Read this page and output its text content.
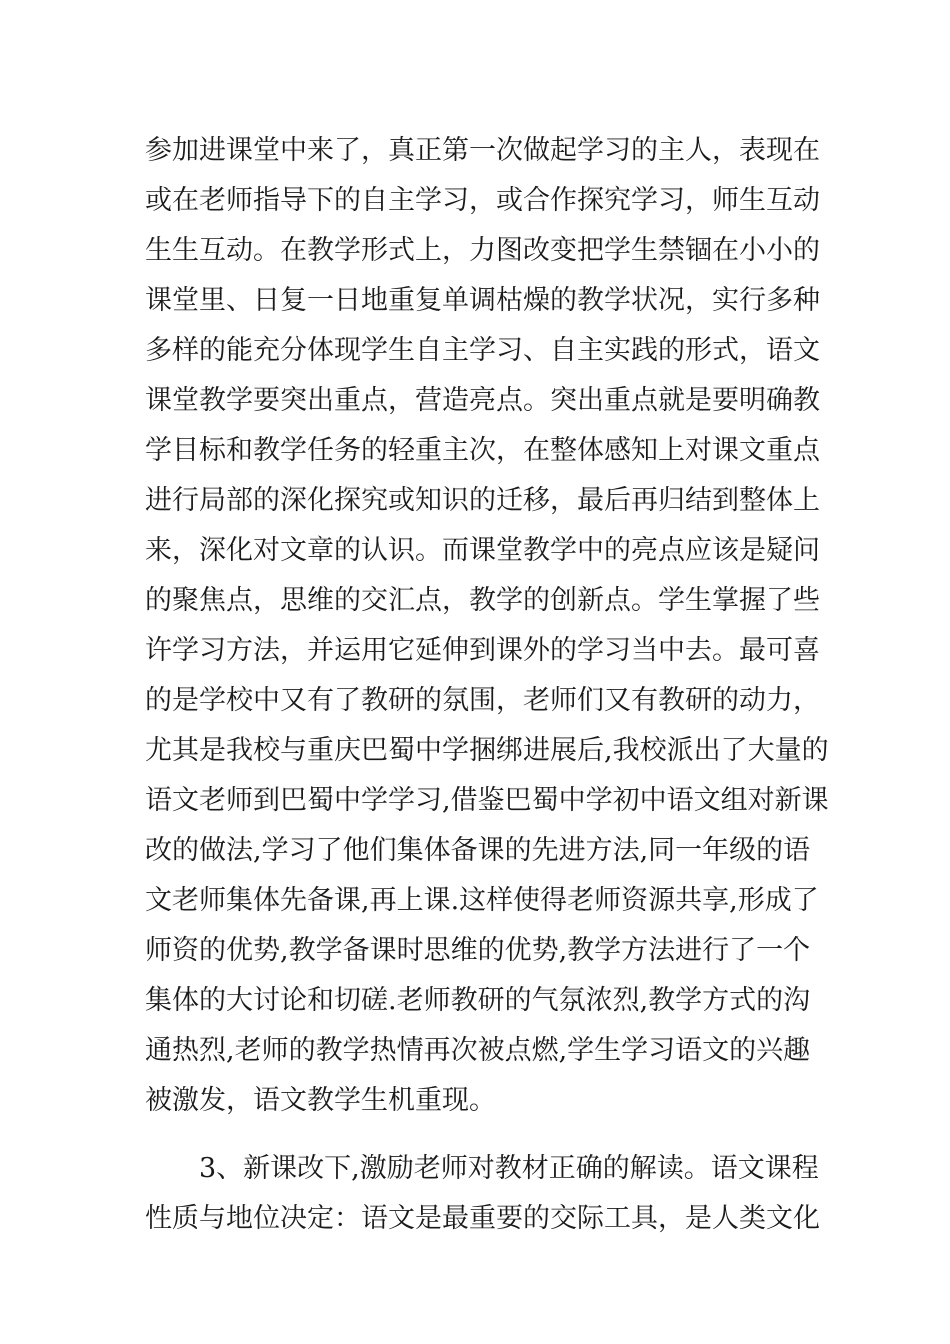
参加进课堂中来了，真正第一次做起学习的主人，表现在
或在老师指导下的自主学习，或合作探究学习，师生互动
生生互动。在教学形式上，力图改变把学生禁锢在小小的
课堂里、日复一日地重复单调枯燥的教学状况，实行多种
多样的能充分体现学生自主学习、自主实践的形式，语文
课堂教学要突出重点，营造亮点。突出重点就是要明确教
学目标和教学任务的轻重主次，在整体感知上对课文重点
进行局部的深化探究或知识的迁移，最后再归结到整体上
来，深化对文章的认识。而课堂教学中的亮点应该是疑问
的聚焦点，思维的交汇点，教学的创新点。学生掌握了些
许学习方法，并运用它延伸到课外的学习当中去。最可喜
的是学校中又有了教研的氛围，老师们又有教研的动力，
尤其是我校与重庆巴蜀中学捆绑进展后,我校派出了大量的
语文老师到巴蜀中学学习,借鉴巴蜀中学初中语文组对新课
改的做法,学习了他们集体备课的先进方法,同一年级的语
文老师集体先备课,再上课.这样使得老师资源共享,形成了
师资的优势,教学备课时思维的优势,教学方法进行了一个
集体的大讨论和切磋.老师教研的气氛浓烈,教学方式的沟
通热烈,老师的教学热情再次被点燃,学生学习语文的兴趣
被激发，语文教学生机重现。
　　3、新课改下,激励老师对教材正确的解读。语文课程
性质与地位决定：语文是最重要的交际工具，是人类文化
